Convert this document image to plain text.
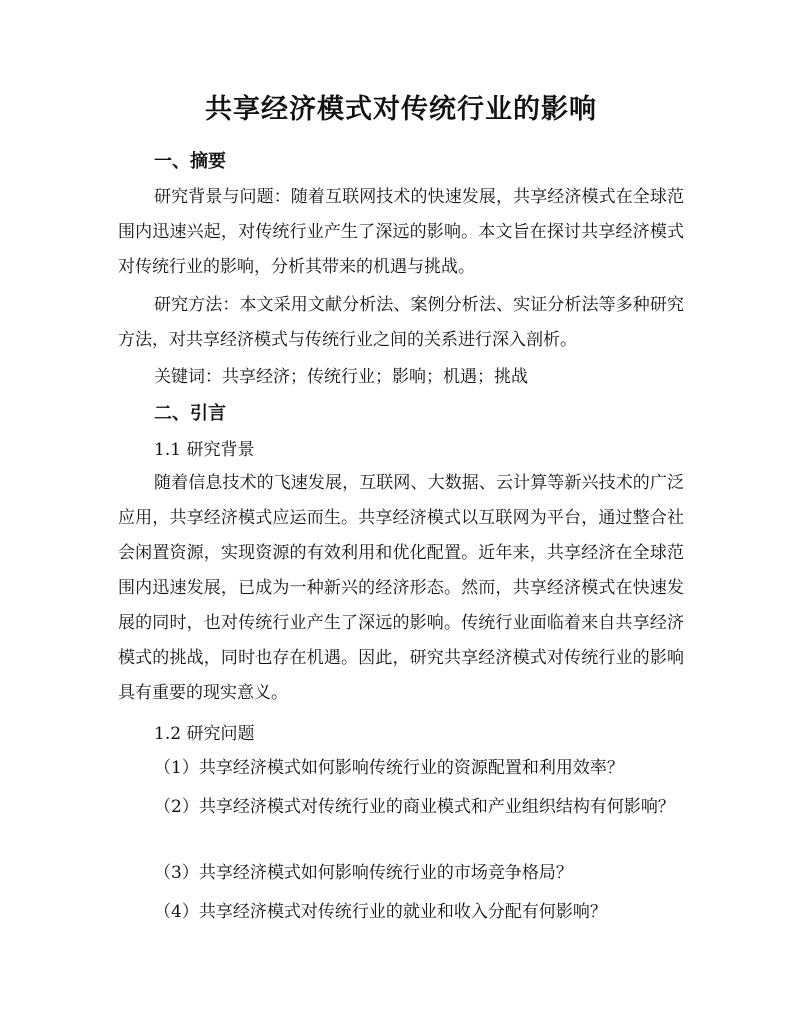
共享经济模式对传统行业的影响
一、摘要

研究背景与问题：随着互联网技术的快速发展，共享经济模式在全球范围内迅速兴起，对传统行业产生了深远的影响。本文旨在探讨共享经济模式对传统行业的影响，分析其带来的机遇与挑战。

研究方法：本文采用文献分析法、案例分析法、实证分析法等多种研究方法，对共享经济模式与传统行业之间的关系进行深入剖析。

关键词：共享经济；传统行业；影响；机遇；挑战

二、引言

1.1 研究背景

随着信息技术的飞速发展，互联网、大数据、云计算等新兴技术的广泛应用，共享经济模式应运而生。共享经济模式以互联网为平台，通过整合社会闲置资源，实现资源的有效利用和优化配置。近年来，共享经济在全球范围内迅速发展，已成为一种新兴的经济形态。然而，共享经济模式在快速发展的同时，也对传统行业产生了深远的影响。传统行业面临着来自共享经济模式的挑战，同时也存在机遇。因此，研究共享经济模式对传统行业的影响具有重要的现实意义。

1.2 研究问题

（1）共享经济模式如何影响传统行业的资源配置和利用效率？

（2）共享经济模式对传统行业的商业模式和产业组织结构有何影响？

（3）共享经济模式如何影响传统行业的市场竞争格局？

（4）共享经济模式对传统行业的就业和收入分配有何影响？
